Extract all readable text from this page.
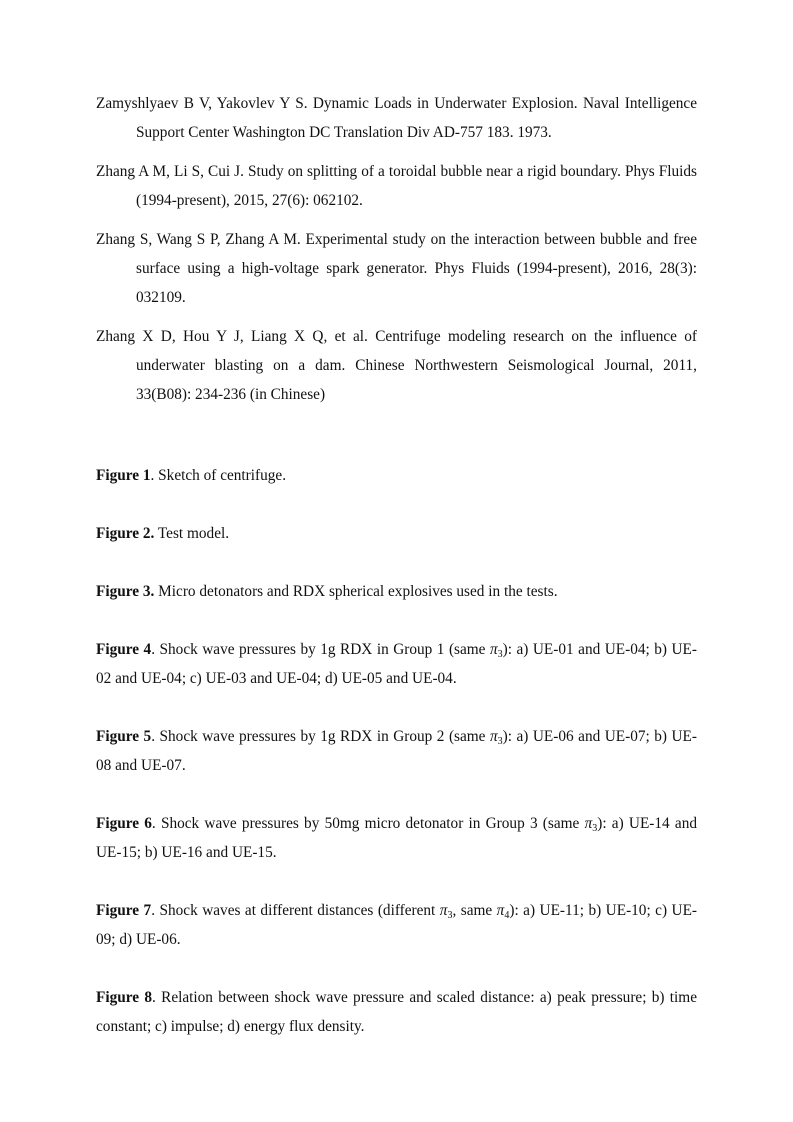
Zamyshlyaev B V, Yakovlev Y S. Dynamic Loads in Underwater Explosion. Naval Intelligence Support Center Washington DC Translation Div AD-757 183. 1973.

Zhang A M, Li S, Cui J. Study on splitting of a toroidal bubble near a rigid boundary. Phys Fluids (1994-present), 2015, 27(6): 062102.

Zhang S, Wang S P, Zhang A M. Experimental study on the interaction between bubble and free surface using a high-voltage spark generator. Phys Fluids (1994-present), 2016, 28(3): 032109.

Zhang X D, Hou Y J, Liang X Q, et al. Centrifuge modeling research on the influence of underwater blasting on a dam. Chinese Northwestern Seismological Journal, 2011, 33(B08): 234-236 (in Chinese)

Figure 1. Sketch of centrifuge.

Figure 2. Test model.

Figure 3. Micro detonators and RDX spherical explosives used in the tests.

Figure 4. Shock wave pressures by 1g RDX in Group 1 (same $\pi_3$): a) UE-01 and UE-04; b) UE-02 and UE-04; c) UE-03 and UE-04; d) UE-05 and UE-04.

Figure 5. Shock wave pressures by 1g RDX in Group 2 (same $\pi_3$): a) UE-06 and UE-07; b) UE-08 and UE-07.

Figure 6. Shock wave pressures by 50mg micro detonator in Group 3 (same $\pi_3$): a) UE-14 and UE-15; b) UE-16 and UE-15.

Figure 7. Shock waves at different distances (different $\pi_3$, same $\pi_4$): a) UE-11; b) UE-10; c) UE-09; d) UE-06.

Figure 8. Relation between shock wave pressure and scaled distance: a) peak pressure; b) time constant; c) impulse; d) energy flux density.
